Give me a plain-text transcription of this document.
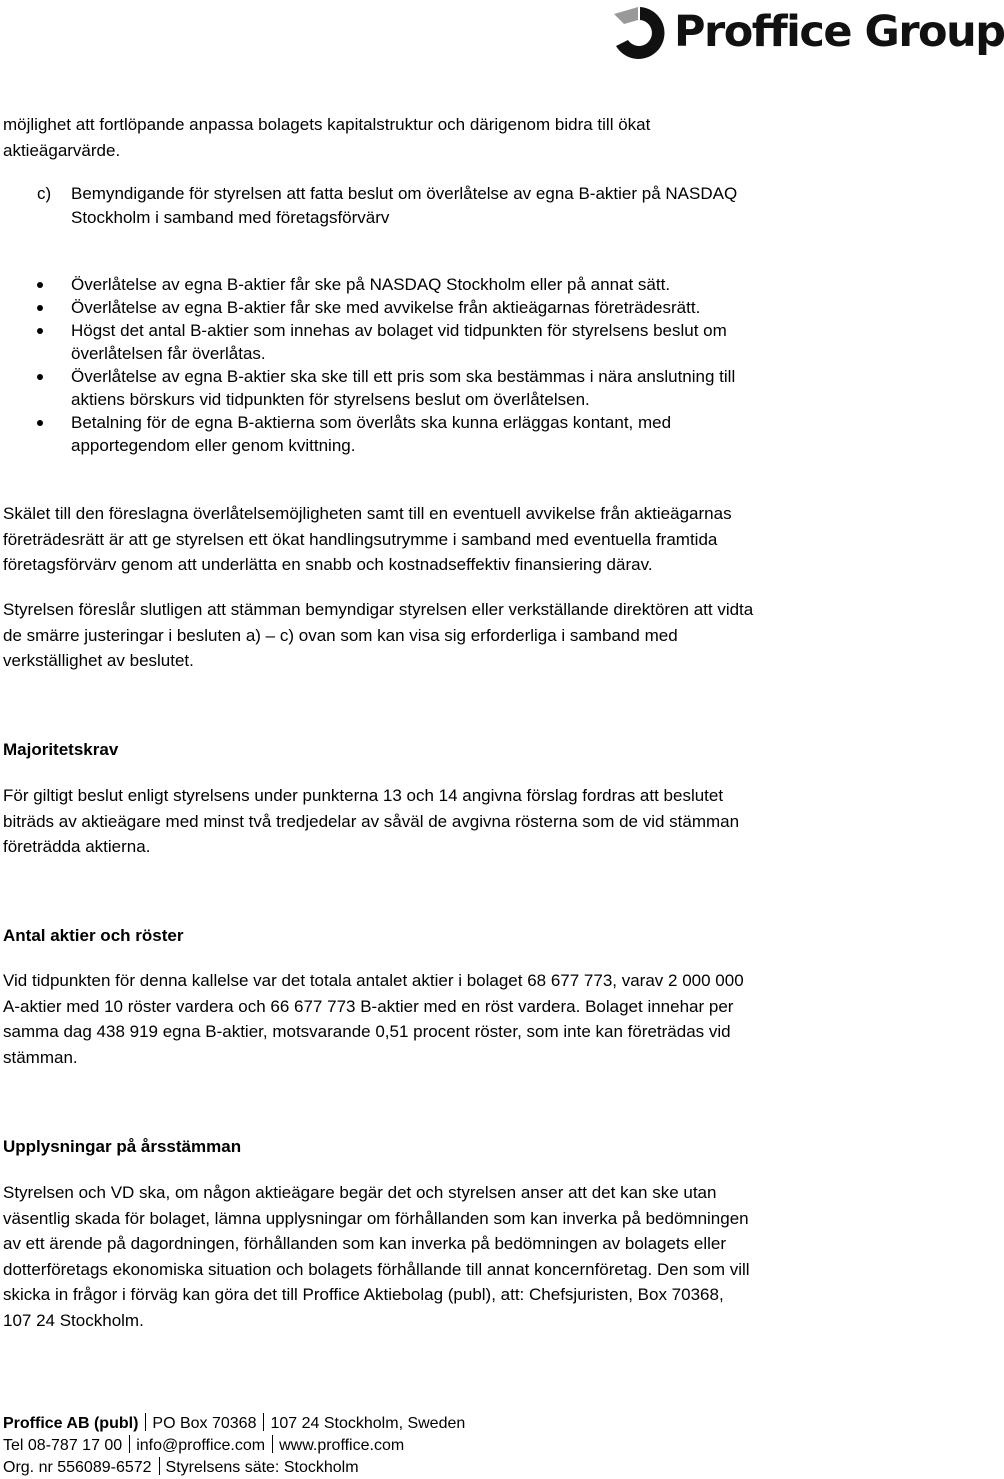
Proffice Group

möjlighet att fortlöpande anpassa bolagets kapitalstruktur och därigenom bidra till ökat
aktieägarvärde.

c) Bemyndigande för styrelsen att fatta beslut om överlåtelse av egna B-aktier på NASDAQ
Stockholm i samband med företagsförvärv
Överlåtelse av egna B-aktier får ske på NASDAQ Stockholm eller på annat sätt.
Överlåtelse av egna B-aktier får ske med avvikelse från aktieägarnas företrädesrätt.
Högst det antal B-aktier som innehas av bolaget vid tidpunkten för styrelsens beslut om
överlåtelsen får överlåtas.
Överlåtelse av egna B-aktier ska ske till ett pris som ska bestämmas i nära anslutning till
aktiens börskurs vid tidpunkten för styrelsens beslut om överlåtelsen.
Betalning för de egna B-aktierna som överlåts ska kunna erläggas kontant, med
apportegendom eller genom kvittning.

Skälet till den föreslagna överlåtelsemöjligheten samt till en eventuell avvikelse från aktieägarnas
företrädesrätt är att ge styrelsen ett ökat handlingsutrymme i samband med eventuella framtida
företagsförvärv genom att underlätta en snabb och kostnadseffektiv finansiering därav.

Styrelsen föreslår slutligen att stämman bemyndigar styrelsen eller verkställande direktören att vidta
de smärre justeringar i besluten a) – c) ovan som kan visa sig erforderliga i samband med
verkställighet av beslutet.

Majoritetskrav

För giltigt beslut enligt styrelsens under punkterna 13 och 14 angivna förslag fordras att beslutet
biträds av aktieägare med minst två tredjedelar av såväl de avgivna rösterna som de vid stämman
företrädda aktierna.

Antal aktier och röster

Vid tidpunkten för denna kallelse var det totala antalet aktier i bolaget 68 677 773, varav 2 000 000
A-aktier med 10 röster vardera och 66 677 773 B-aktier med en röst vardera. Bolaget innehar per
samma dag 438 919 egna B-aktier, motsvarande 0,51 procent röster, som inte kan företrädas vid
stämman.

Upplysningar på årsstämman

Styrelsen och VD ska, om någon aktieägare begär det och styrelsen anser att det kan ske utan
väsentlig skada för bolaget, lämna upplysningar om förhållanden som kan inverka på bedömningen
av ett ärende på dagordningen, förhållanden som kan inverka på bedömningen av bolagets eller
dotterföretags ekonomiska situation och bolagets förhållande till annat koncernföretag. Den som vill
skicka in frågor i förväg kan göra det till Proffice Aktiebolag (publ), att: Chefsjuristen, Box 70368,
107 24 Stockholm.

Proffice AB (publ) PO Box 70368 107 24 Stockholm, Sweden
Tel 08-787 17 00 info@proffice.com www.proffice.com
Org. nr 556089-6572 Styrelsens säte: Stockholm
